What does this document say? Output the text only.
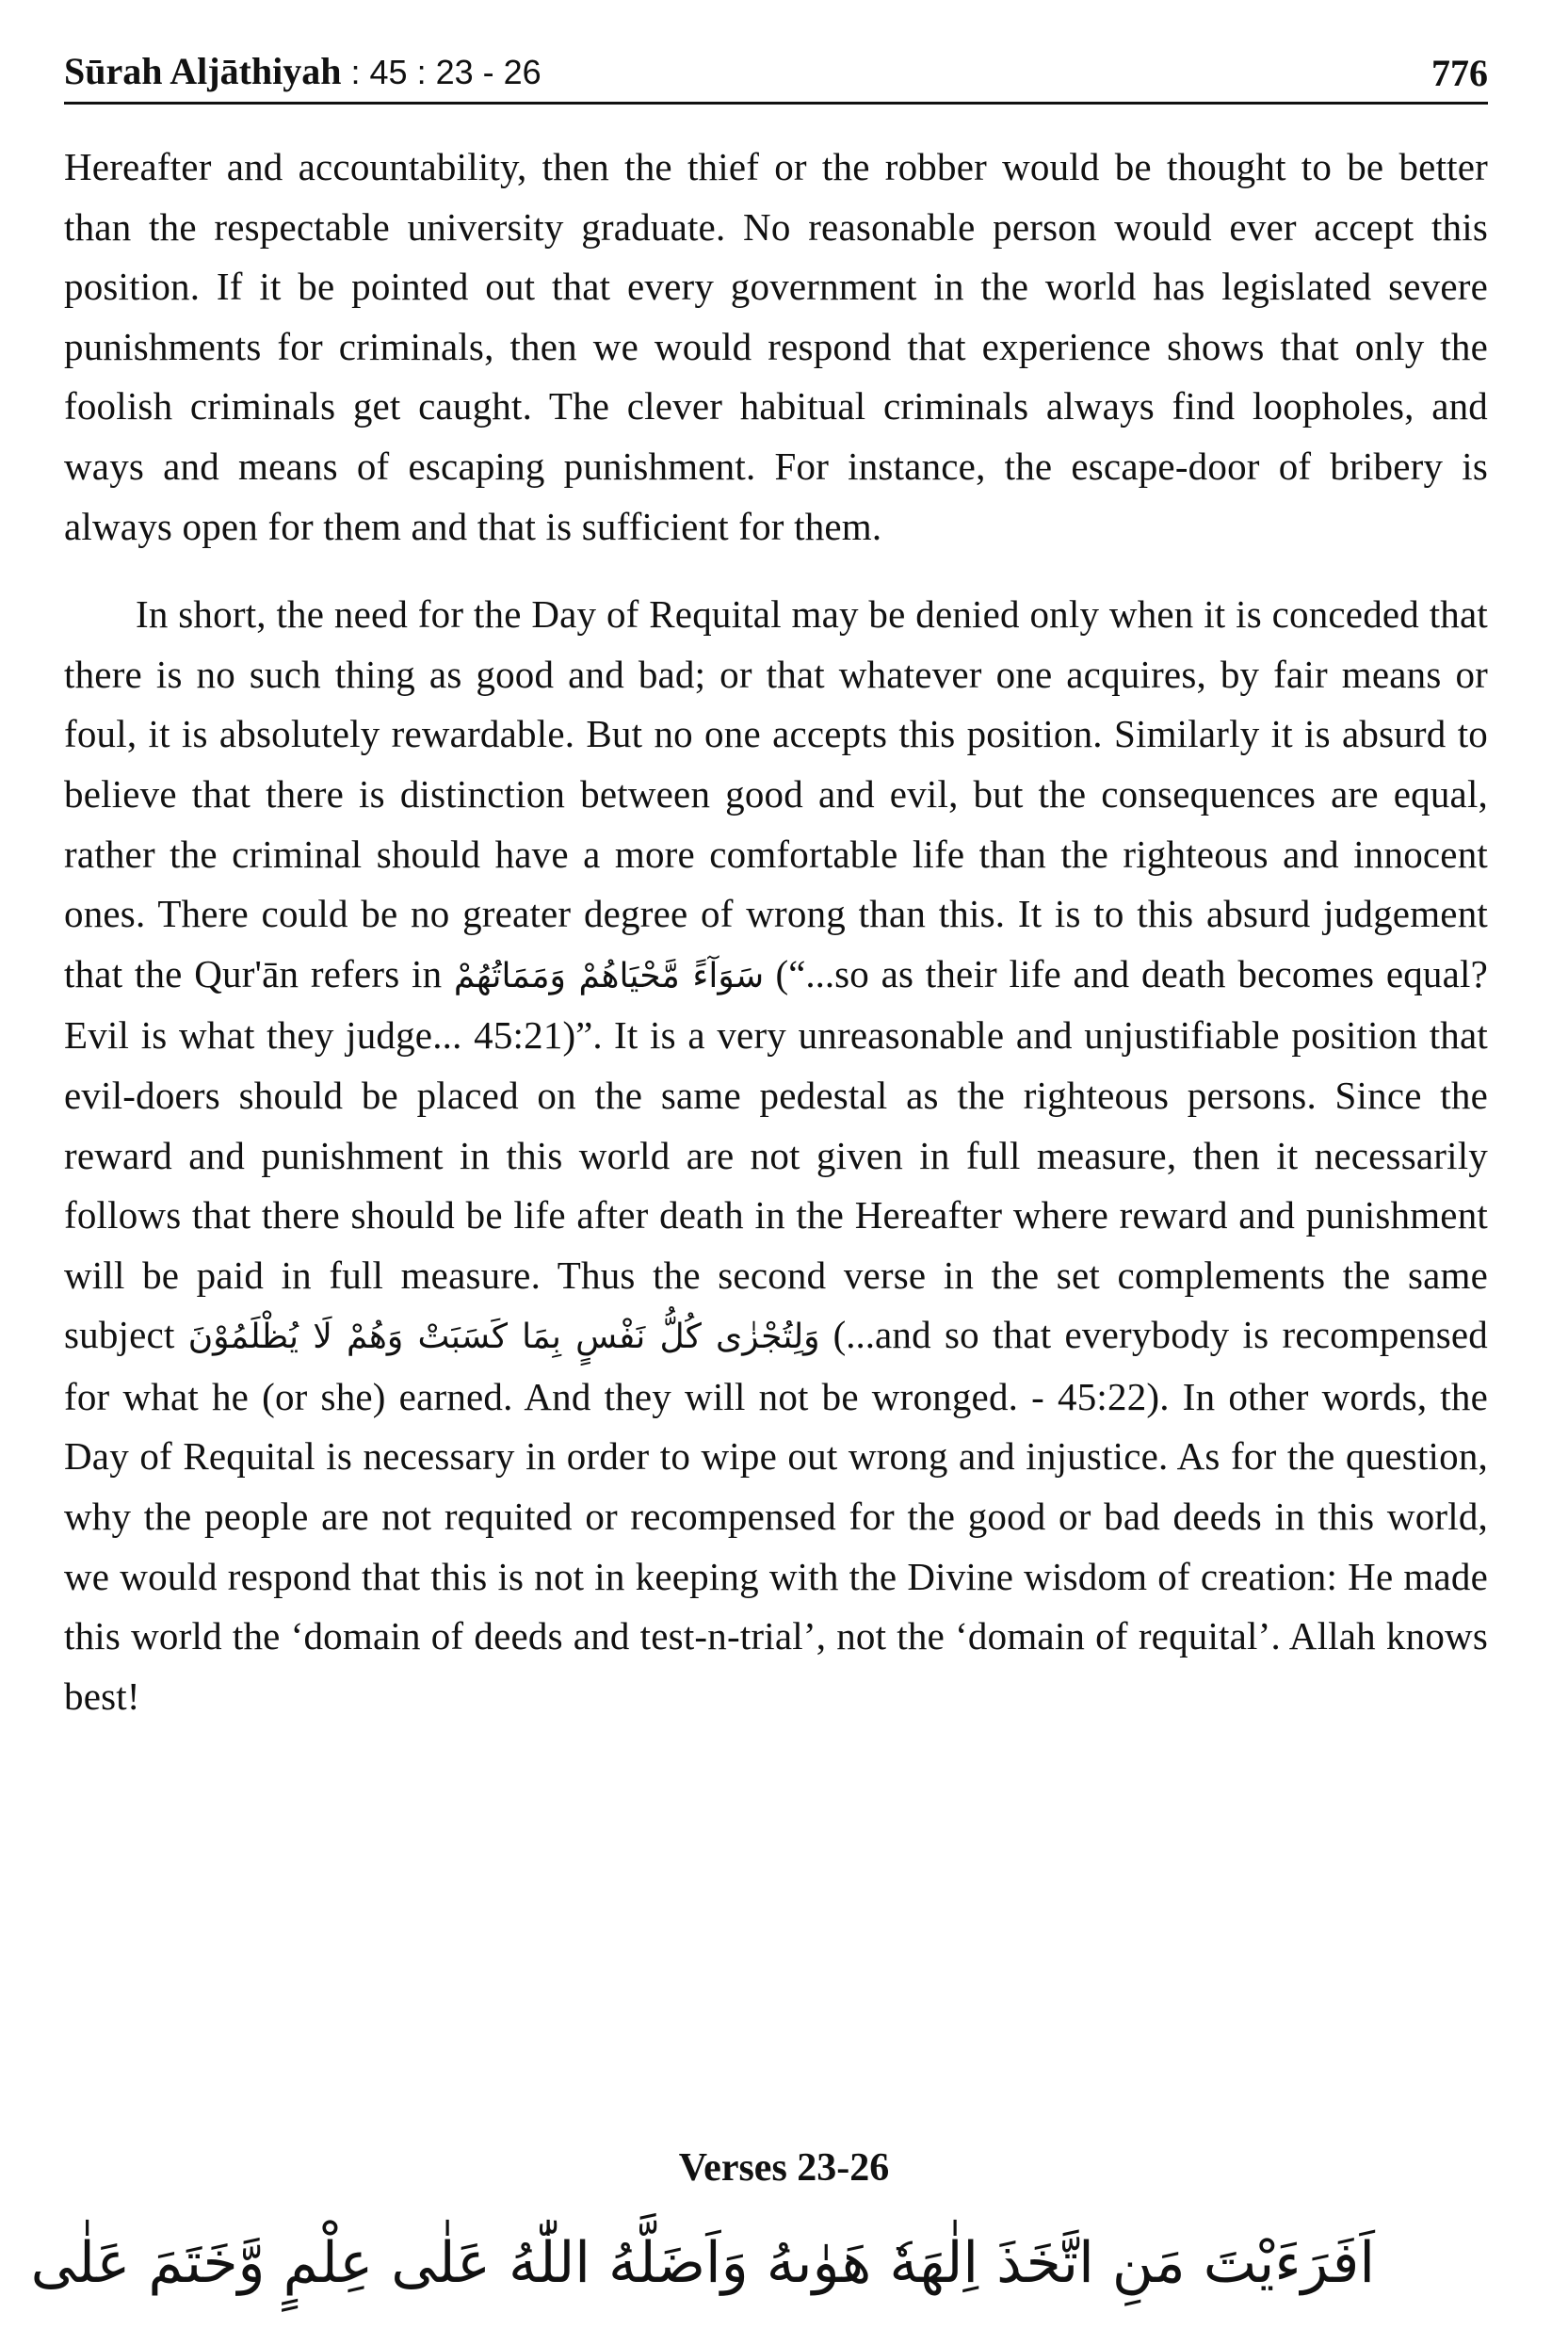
Sūrah Aljāthiyah : 45 : 23 - 26	776

Hereafter and accountability, then the thief or the robber would be thought to be better than the respectable university graduate. No reasonable person would ever accept this position. If it be pointed out that every government in the world has legislated severe punishments for criminals, then we would respond that experience shows that only the foolish criminals get caught. The clever habitual criminals always find loopholes, and ways and means of escaping punishment. For instance, the escape-door of bribery is always open for them and that is sufficient for them.

In short, the need for the Day of Requital may be denied only when it is conceded that there is no such thing as good and bad; or that whatever one acquires, by fair means or foul, it is absolutely rewardable. But no one accepts this position. Similarly it is absurd to believe that there is distinction between good and evil, but the consequences are equal, rather the criminal should have a more comfortable life than the righteous and innocent ones. There could be no greater degree of wrong than this. It is to this absurd judgement that the Qur'ān refers in سَوَآءً مَّحْيَاهُمْ وَمَمَاتُهُمْ (“...so as their life and death becomes equal? Evil is what they judge... 45:21)”. It is a very unreasonable and unjustifiable position that evil-doers should be placed on the same pedestal as the righteous persons. Since the reward and punishment in this world are not given in full measure, then it necessarily follows that there should be life after death in the Hereafter where reward and punishment will be paid in full measure. Thus the second verse in the set complements the same subject وَلِتُجْزٰى كُلُّ نَفْسٍ بِمَا كَسَبَتْ وَهُمْ لَا يُظْلَمُوْنَ (...and so that everybody is recompensed for what he (or she) earned. And they will not be wronged. - 45:22). In other words, the Day of Requital is necessary in order to wipe out wrong and injustice. As for the question, why the people are not requited or recompensed for the good or bad deeds in this world, we would respond that this is not in keeping with the Divine wisdom of creation: He made this world the ‘domain of deeds and test-n-trial’, not the ‘domain of requital’. Allah knows best!

Verses 23-26
اَفَرَءَيْتَ مَنِ اتَّخَذَ اِلٰهَهٗ هَوٰىهُ وَاَضَلَّهُ اللّٰهُ عَلٰى عِلْمٍ وَّخَتَمَ عَلٰى
